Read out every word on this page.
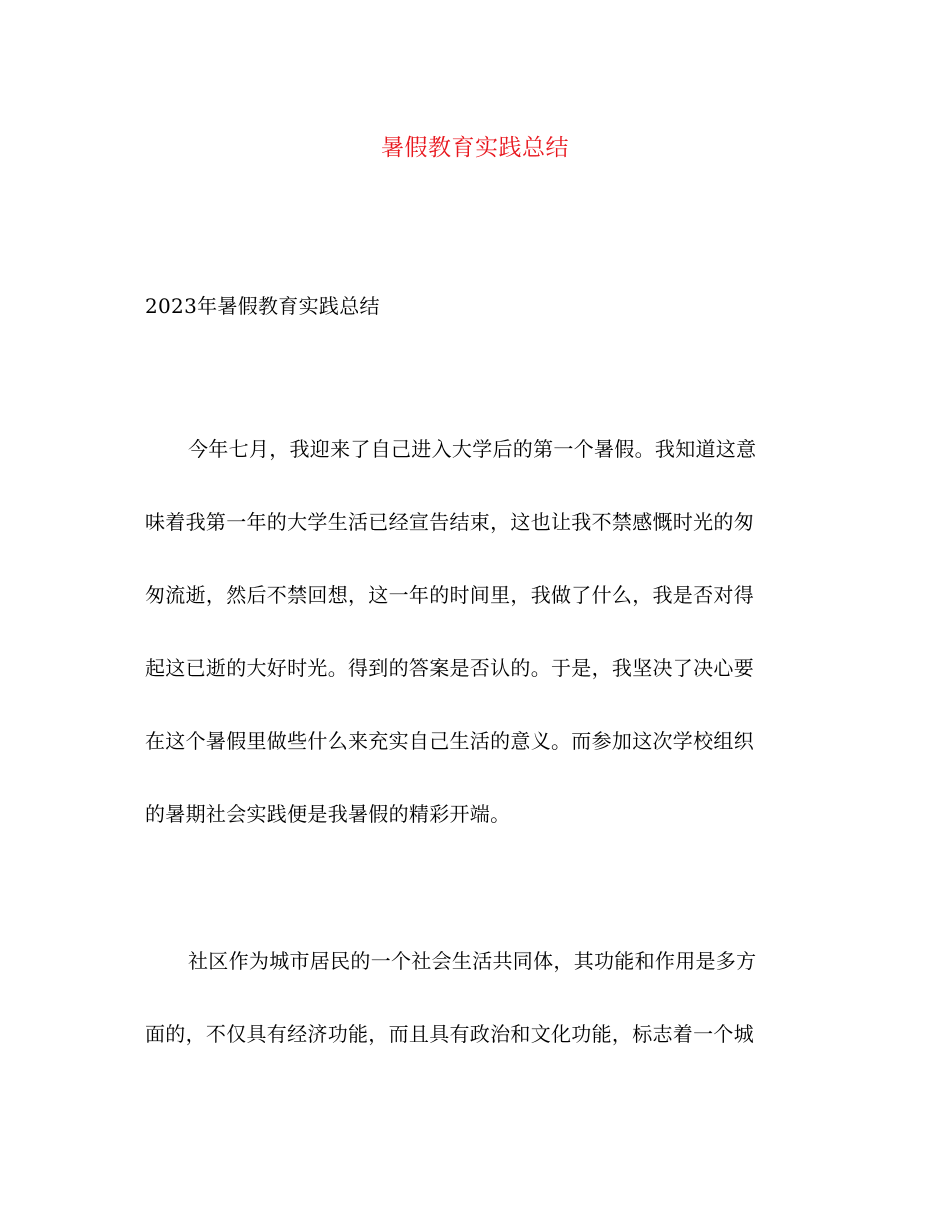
暑假教育实践总结
2023年暑假教育实践总结
今年七月，我迎来了自己进入大学后的第一个暑假。我知道这意
味着我第一年的大学生活已经宣告结束，这也让我不禁感慨时光的匆
匆流逝，然后不禁回想，这一年的时间里，我做了什么，我是否对得
起这已逝的大好时光。得到的答案是否认的。于是，我坚决了决心要
在这个暑假里做些什么来充实自己生活的意义。而参加这次学校组织
的暑期社会实践便是我暑假的精彩开端。
社区作为城市居民的一个社会生活共同体，其功能和作用是多方
面的，不仅具有经济功能，而且具有政治和文化功能，标志着一个城
